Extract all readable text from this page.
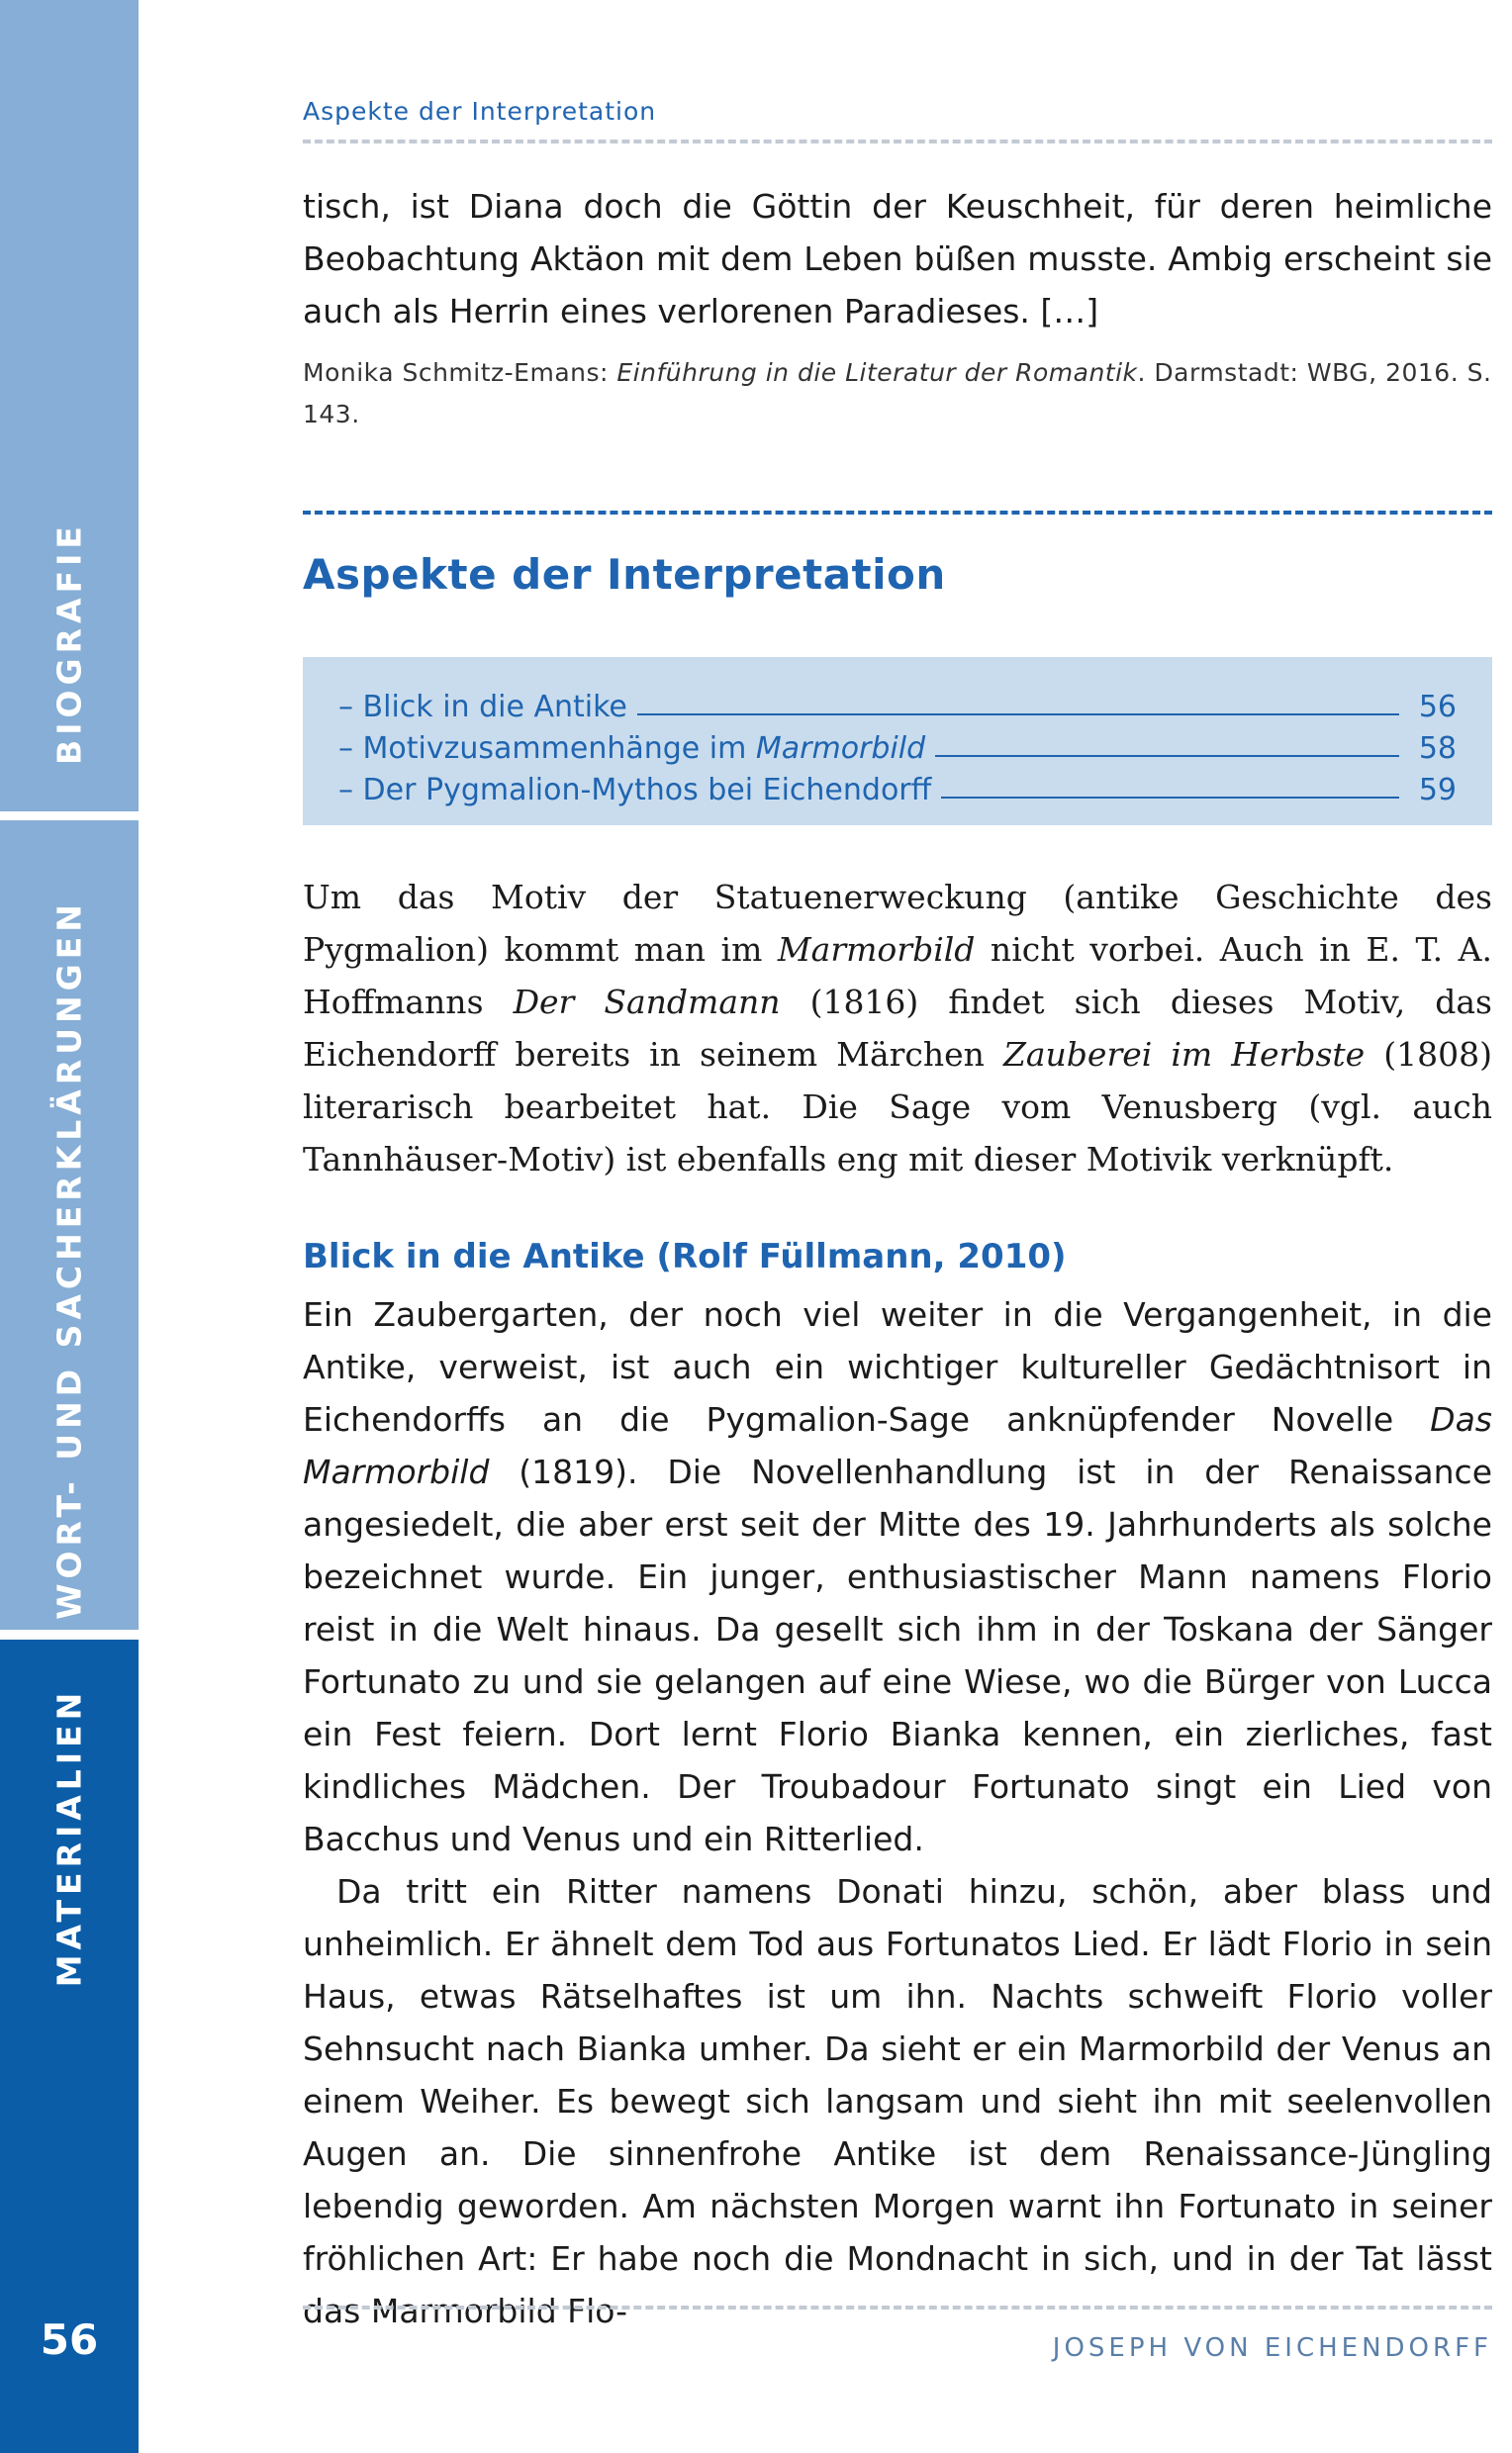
BIOGRAFIE
WORT- UND SACHERKLÄRUNGEN
MATERIALIEN
56
Aspekte der Interpretation

tisch, ist Diana doch die Göttin der Keuschheit, für deren heimliche Beobachtung Aktäon mit dem Leben büßen musste. Ambig erscheint sie auch als Herrin eines verlorenen Paradieses. […]

Monika Schmitz-Emans: Einführung in die Literatur der Romantik. Darmstadt: WBG, 2016. S. 143.

Aspekte der Interpretation
– Blick in die Antike	56
– Motivzusammenhänge im Marmorbild	58
– Der Pygmalion-Mythos bei Eichendorff	59

Um das Motiv der Statuenerweckung (antike Geschichte des Pygmalion) kommt man im Marmorbild nicht vorbei. Auch in E. T. A. Hoffmanns Der Sandmann (1816) findet sich dieses Motiv, das Eichendorff bereits in seinem Märchen Zauberei im Herbste (1808) literarisch bearbeitet hat. Die Sage vom Venusberg (vgl. auch Tannhäuser-Motiv) ist ebenfalls eng mit dieser Motivik verknüpft.

Blick in die Antike (Rolf Füllmann, 2010)

Ein Zaubergarten, der noch viel weiter in die Vergangenheit, in die Antike, verweist, ist auch ein wichtiger kultureller Gedächtnisort in Eichendorffs an die Pygmalion-Sage anknüpfender Novelle Das Marmorbild (1819). Die Novellenhandlung ist in der Renaissance angesiedelt, die aber erst seit der Mitte des 19. Jahrhunderts als solche bezeichnet wurde. Ein junger, enthusiastischer Mann namens Florio reist in die Welt hinaus. Da gesellt sich ihm in der Toskana der Sänger Fortunato zu und sie gelangen auf eine Wiese, wo die Bürger von Lucca ein Fest feiern. Dort lernt Florio Bianka kennen, ein zierliches, fast kindliches Mädchen. Der Troubadour Fortunato singt ein Lied von Bacchus und Venus und ein Ritterlied.

Da tritt ein Ritter namens Donati hinzu, schön, aber blass und unheimlich. Er ähnelt dem Tod aus Fortunatos Lied. Er lädt Florio in sein Haus, etwas Rätselhaftes ist um ihn. Nachts schweift Florio voller Sehnsucht nach Bianka umher. Da sieht er ein Marmorbild der Venus an einem Weiher. Es bewegt sich langsam und sieht ihn mit seelenvollen Augen an. Die sinnenfrohe Antike ist dem Renaissance-Jüngling lebendig geworden. Am nächsten Morgen warnt ihn Fortunato in seiner fröhlichen Art: Er habe noch die Mondnacht in sich, und in der Tat lässt das Marmorbild Flo-

JOSEPH VON EICHENDORFF
